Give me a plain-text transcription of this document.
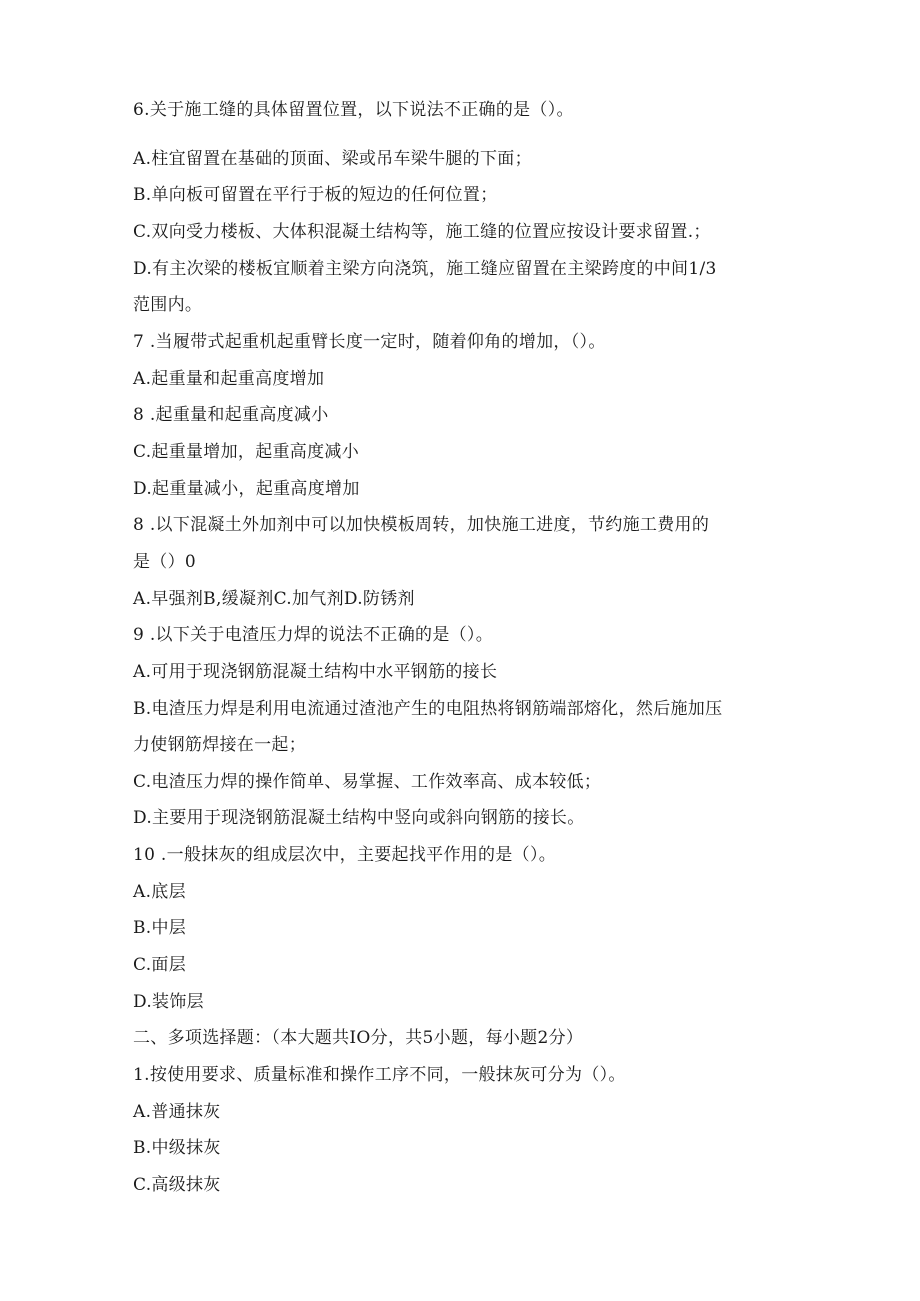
6.关于施工缝的具体留置位置，以下说法不正确的是（）。
A.柱宜留置在基础的顶面、梁或吊车梁牛腿的下面；
B.单向板可留置在平行于板的短边的任何位置；
C.双向受力楼板、大体积混凝土结构等，施工缝的位置应按设计要求留置.；
D.有主次梁的楼板宜顺着主梁方向浇筑，施工缝应留置在主梁跨度的中间1/3
范围内。
7 .当履带式起重机起重臂长度一定时，随着仰角的增加，（）。
A.起重量和起重高度增加
8 .起重量和起重高度减小
C.起重量增加，起重高度减小
D.起重量减小，起重高度增加
8 .以下混凝土外加剂中可以加快模板周转，加快施工进度，节约施工费用的
是（）0
A.早强剂B,缓凝剂C.加气剂D.防锈剂
9 .以下关于电渣压力焊的说法不正确的是（）。
A.可用于现浇钢筋混凝土结构中水平钢筋的接长
B.电渣压力焊是利用电流通过渣池产生的电阻热将钢筋端部熔化，然后施加压
力使钢筋焊接在一起；
C.电渣压力焊的操作简单、易掌握、工作效率高、成本较低；
D.主要用于现浇钢筋混凝土结构中竖向或斜向钢筋的接长。
10 .一般抹灰的组成层次中，主要起找平作用的是（）。
A.底层
B.中层
C.面层
D.装饰层
二、多项选择题：（本大题共IO分，共5小题，每小题2分）
1.按使用要求、质量标准和操作工序不同，一般抹灰可分为（）。
A.普通抹灰
B.中级抹灰
C.高级抹灰
